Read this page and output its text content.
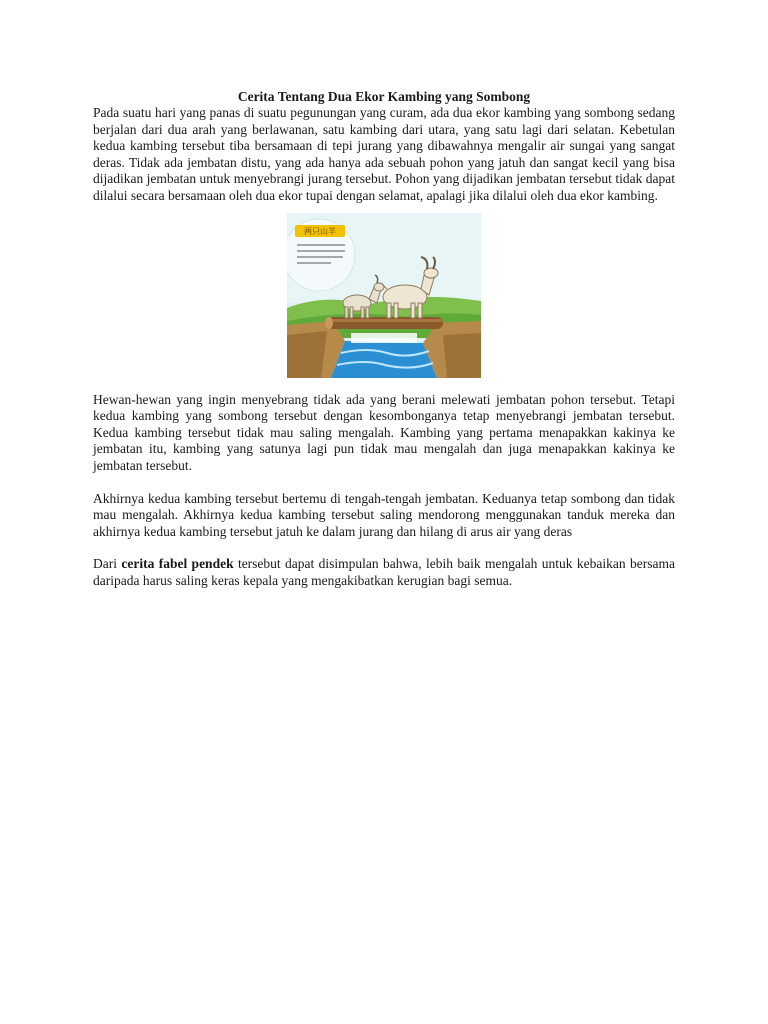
Cerita Tentang Dua Ekor Kambing yang Sombong

Pada suatu hari yang panas di suatu pegunungan yang curam, ada dua ekor kambing yang sombong sedang berjalan dari dua arah yang berlawanan, satu kambing dari utara, yang satu lagi dari selatan. Kebetulan kedua kambing tersebut tiba bersamaan di tepi jurang yang dibawahnya mengalir air sungai yang sangat deras. Tidak ada jembatan distu, yang ada hanya ada sebuah pohon yang jatuh dan sangat kecil yang bisa dijadikan jembatan untuk menyebrangi jurang tersebut. Pohon yang dijadikan jembatan tersebut tidak dapat dilalui secara bersamaan oleh dua ekor tupai dengan selamat, apalagi jika dilalui oleh dua ekor kambing.

两只山羊

Hewan-hewan yang ingin menyebrang tidak ada yang berani melewati jembatan pohon tersebut. Tetapi kedua kambing yang sombong tersebut dengan kesombonganya tetap menyebrangi jembatan tersebut. Kedua kambing tersebut tidak mau saling mengalah. Kambing yang pertama menapakkan kakinya ke jembatan itu, kambing yang satunya lagi pun tidak mau mengalah dan juga menapakkan kakinya ke jembatan tersebut.

Akhirnya kedua kambing tersebut bertemu di tengah-tengah jembatan. Keduanya tetap sombong dan tidak mau mengalah. Akhirnya kedua kambing tersebut saling mendorong menggunakan tanduk mereka dan akhirnya kedua kambing tersebut jatuh ke dalam jurang dan hilang di arus air yang deras

Dari cerita fabel pendek tersebut dapat disimpulan bahwa, lebih baik mengalah untuk kebaikan bersama daripada harus saling keras kepala yang mengakibatkan kerugian bagi semua.
